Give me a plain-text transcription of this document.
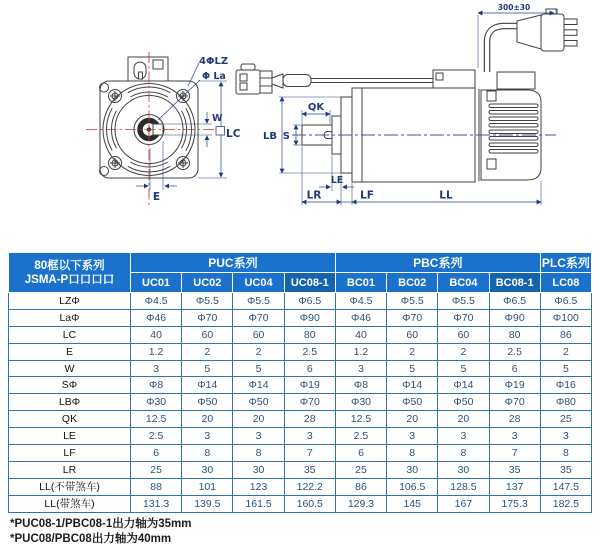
4ΦLZ
Φ La
W
LC
E
300±30
QK
S
LB
LE
LR	LF	LL
80框以下系列
JSMA-P口口口口	PUC系列				PBC系列				PLC系列
	UC01	UC02	UC04	UC08-1	BC01	BC02	BC04	BC08-1	LC08
LZΦ	Φ4.5	Φ5.5	Φ5.5	Φ6.5	Φ4.5	Φ5.5	Φ5.5	Φ6.5	Φ6.5
LaΦ	Φ46	Φ70	Φ70	Φ90	Φ46	Φ70	Φ70	Φ90	Φ100
LC	40	60	60	80	40	60	60	80	86
E	1.2	2	2	2.5	1.2	2	2	2.5	2
W	3	5	5	6	3	5	5	6	5
SΦ	Φ8	Φ14	Φ14	Φ19	Φ8	Φ14	Φ14	Φ19	Φ16
LBΦ	Φ30	Φ50	Φ50	Φ70	Φ30	Φ50	Φ50	Φ70	Φ80
QK	12.5	20	20	28	12.5	20	20	28	25
LE	2.5	3	3	3	2.5	3	3	3	3
LF	6	8	8	7	6	8	8	7	8
LR	25	30	30	35	25	30	30	35	35
LL(不带煞车)	88	101	123	122.2	86	106.5	128.5	137	147.5
LL(带煞车)	131.3	139.5	161.5	160.5	129.3	145	167	175.3	182.5
*PUC08-1/PBC08-1出力轴为35mm
*PUC08/PBC08出力轴为40mm
